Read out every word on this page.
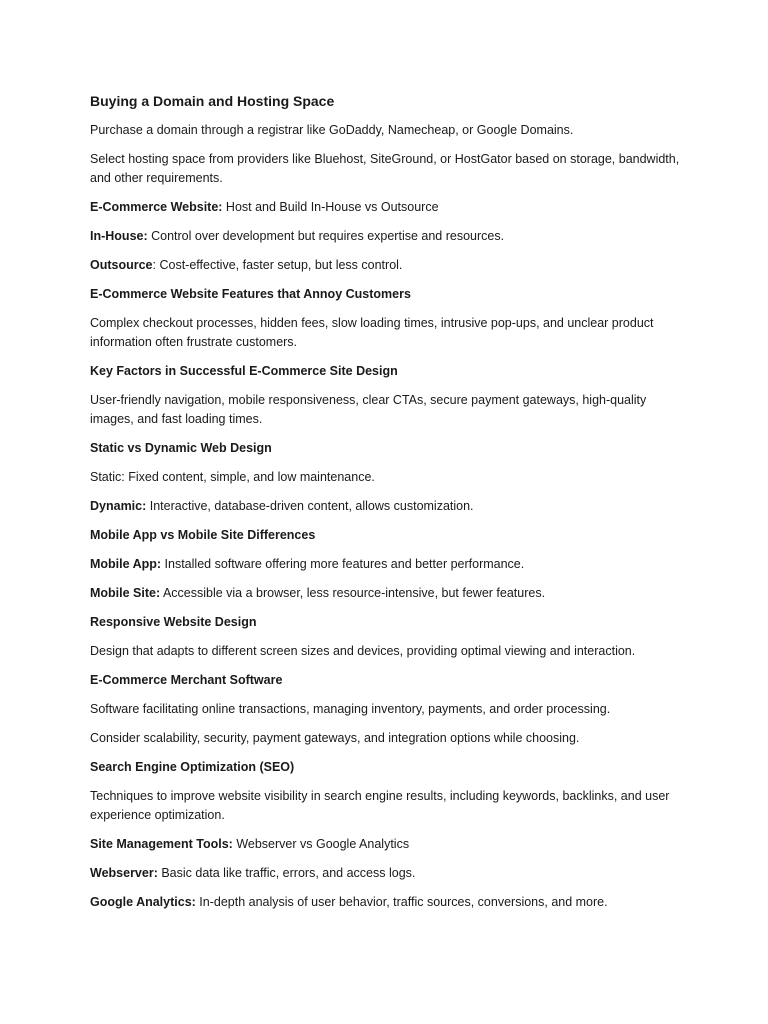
Buying a Domain and Hosting Space
Purchase a domain through a registrar like GoDaddy, Namecheap, or Google Domains.
Select hosting space from providers like Bluehost, SiteGround, or HostGator based on storage, bandwidth, and other requirements.
E-Commerce Website: Host and Build In-House vs Outsource
In-House: Control over development but requires expertise and resources.
Outsource: Cost-effective, faster setup, but less control.
E-Commerce Website Features that Annoy Customers
Complex checkout processes, hidden fees, slow loading times, intrusive pop-ups, and unclear product information often frustrate customers.
Key Factors in Successful E-Commerce Site Design
User-friendly navigation, mobile responsiveness, clear CTAs, secure payment gateways, high-quality images, and fast loading times.
Static vs Dynamic Web Design
Static: Fixed content, simple, and low maintenance.
Dynamic: Interactive, database-driven content, allows customization.
Mobile App vs Mobile Site Differences
Mobile App: Installed software offering more features and better performance.
Mobile Site: Accessible via a browser, less resource-intensive, but fewer features.
Responsive Website Design
Design that adapts to different screen sizes and devices, providing optimal viewing and interaction.
E-Commerce Merchant Software
Software facilitating online transactions, managing inventory, payments, and order processing.
Consider scalability, security, payment gateways, and integration options while choosing.
Search Engine Optimization (SEO)
Techniques to improve website visibility in search engine results, including keywords, backlinks, and user experience optimization.
Site Management Tools: Webserver vs Google Analytics
Webserver: Basic data like traffic, errors, and access logs.
Google Analytics: In-depth analysis of user behavior, traffic sources, conversions, and more.
